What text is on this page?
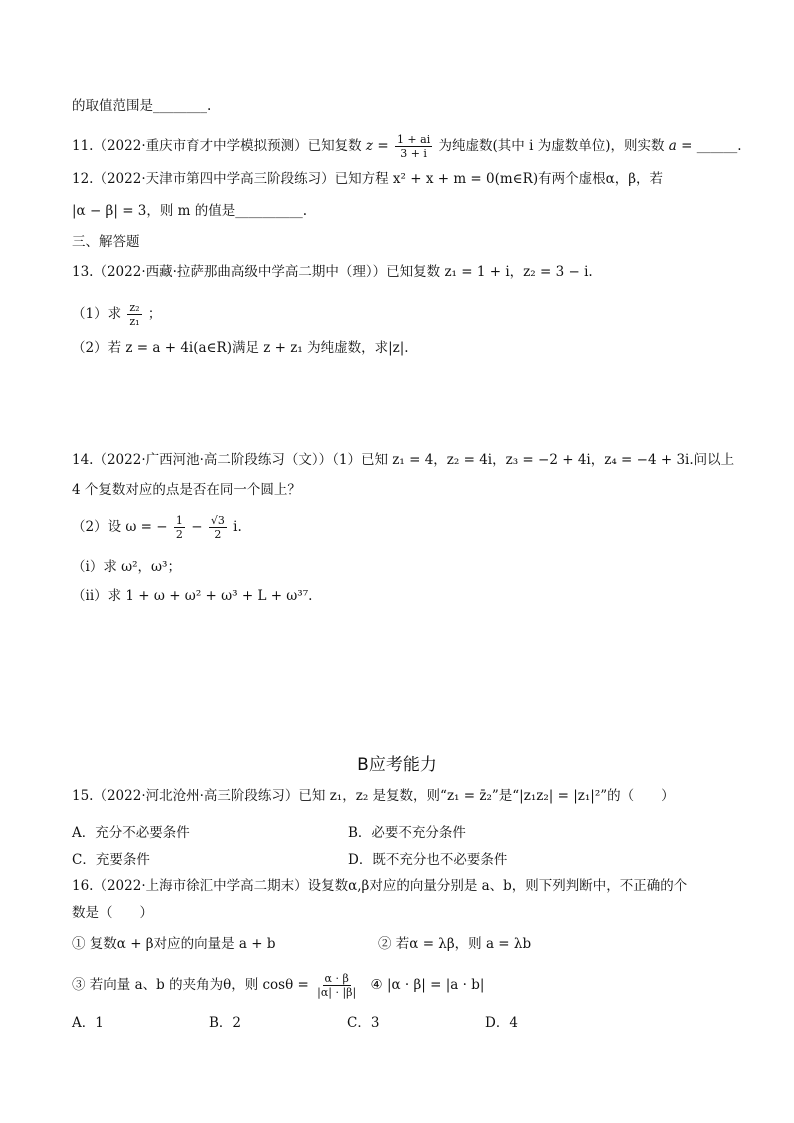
的取值范围是________.
11.（2022·重庆市育才中学模拟预测）已知复数 $z = \frac{1 + ai}{3 + i}$ 为纯虚数(其中 i 为虚数单位)，则实数 a = ______.
12.（2022·天津市第四中学高三阶段练习）已知方程 x² + x + m = 0(m∈R)有两个虚根α，β，若
|α − β| = 3，则 m 的值是__________.
三、解答题
13.（2022·西藏·拉萨那曲高级中学高二期中（理））已知复数 z₁ = 1 + i，z₂ = 3 − i.
（1）求 $\frac{\text{z₂}}{\text{z₁}}$ ；
（2）若 z = a + 4i(a∈R)满足 z + z₁ 为纯虚数，求|z|.
14.（2022·广西河池·高二阶段练习（文））（1）已知 z₁ = 4，z₂ = 4i，z₃ = −2 + 4i，z₄ = −4 + 3i.问以上
4 个复数对应的点是否在同一个圆上？
（2）设 ω = − $\frac{1}{2} - \frac{√3}{2} i$.
（i）求 ω²，ω³；
（ii）求 1 + ω + ω² + ω³ + L + ω³⁷.
B应考能力
15.（2022·河北沧州·高三阶段练习）已知 z₁，z₂ 是复数，则“z₁ = z̄₂”是“|z₁z₂| = |z₁|²”的（　　）
A．充分不必要条件	B．必要不充分条件
C．充要条件	D．既不充分也不必要条件
16.（2022·上海市徐汇中学高二期末）设复数α,β对应的向量分别是 a、b，则下列判断中，不正确的个
数是（　　）
① 复数α + β对应的向量是 a + b	② 若α = λβ，则 a = λb
③ 若向量 a、b 的夹角为θ，则 $\cos\theta = \frac{\alpha \cdot \beta}{|\alpha| \cdot |\beta|}$ ④ |α · β| = |a · b|
A．1	B．2	C．3	D．4
